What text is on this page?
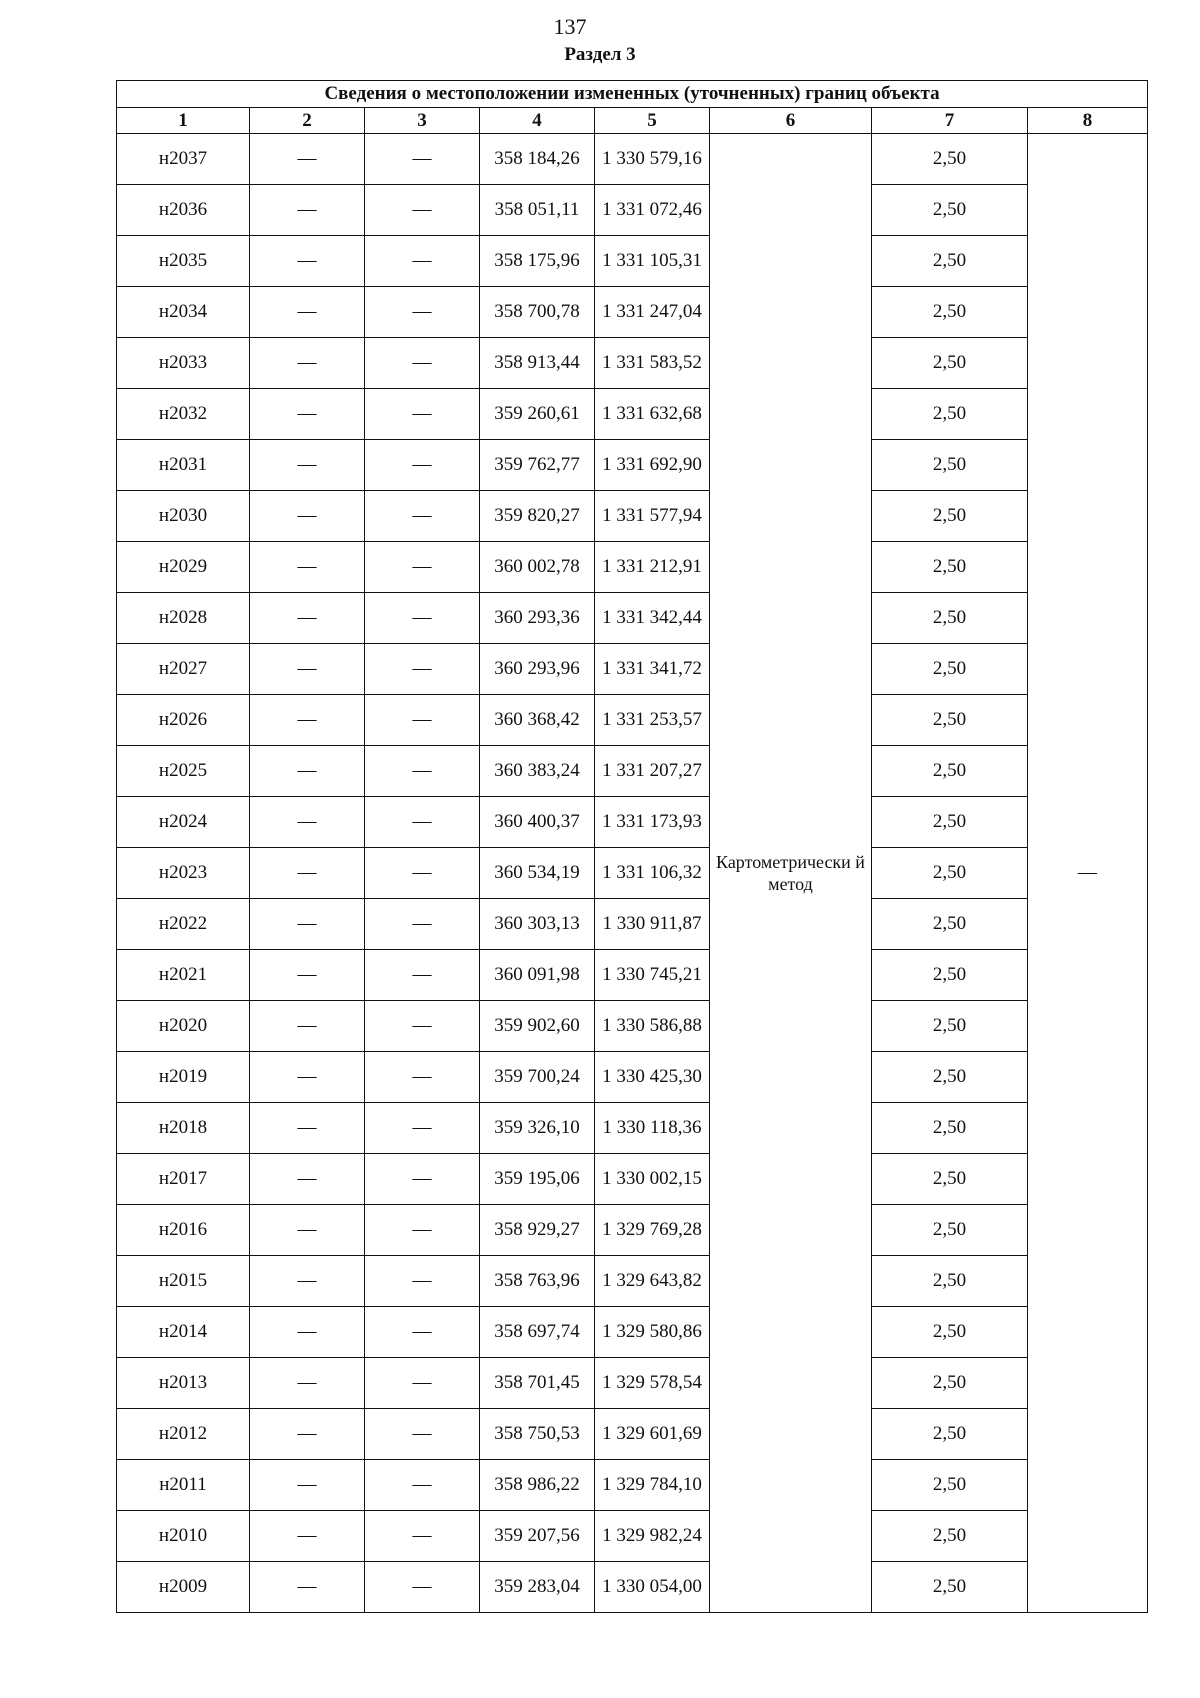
137
Раздел 3
Сведения о местоположении измененных (уточненных) границ объекта							
1	2	3	4	5	6	7	8
н2037	—	—	358 184,26	1 330 579,16	Картометрически й метод	2,50	—
н2036	—	—	358 051,11	1 331 072,46		2,50	
н2035	—	—	358 175,96	1 331 105,31		2,50	
н2034	—	—	358 700,78	1 331 247,04		2,50	
н2033	—	—	358 913,44	1 331 583,52		2,50	
н2032	—	—	359 260,61	1 331 632,68		2,50	
н2031	—	—	359 762,77	1 331 692,90		2,50	
н2030	—	—	359 820,27	1 331 577,94		2,50	
н2029	—	—	360 002,78	1 331 212,91		2,50	
н2028	—	—	360 293,36	1 331 342,44		2,50	
н2027	—	—	360 293,96	1 331 341,72		2,50	
н2026	—	—	360 368,42	1 331 253,57		2,50	
н2025	—	—	360 383,24	1 331 207,27		2,50	
н2024	—	—	360 400,37	1 331 173,93		2,50	
н2023	—	—	360 534,19	1 331 106,32		2,50	
н2022	—	—	360 303,13	1 330 911,87		2,50	
н2021	—	—	360 091,98	1 330 745,21		2,50	
н2020	—	—	359 902,60	1 330 586,88		2,50	
н2019	—	—	359 700,24	1 330 425,30		2,50	
н2018	—	—	359 326,10	1 330 118,36		2,50	
н2017	—	—	359 195,06	1 330 002,15		2,50	
н2016	—	—	358 929,27	1 329 769,28		2,50	
н2015	—	—	358 763,96	1 329 643,82		2,50	
н2014	—	—	358 697,74	1 329 580,86		2,50	
н2013	—	—	358 701,45	1 329 578,54		2,50	
н2012	—	—	358 750,53	1 329 601,69		2,50	
н2011	—	—	358 986,22	1 329 784,10		2,50	
н2010	—	—	359 207,56	1 329 982,24		2,50	
н2009	—	—	359 283,04	1 330 054,00		2,50	
